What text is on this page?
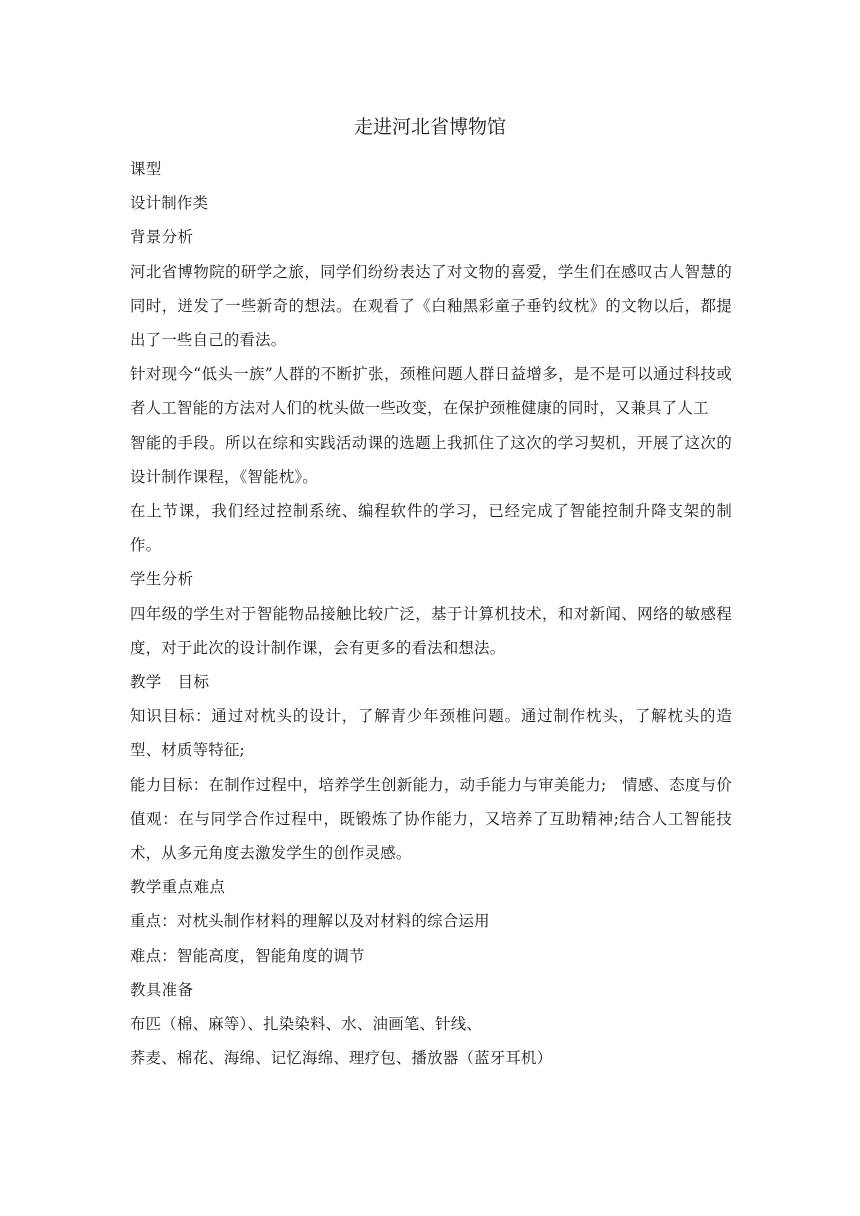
走进河北省博物馆

课型

设计制作类

背景分析

河北省博物院的研学之旅，同学们纷纷表达了对文物的喜爱，学生们在感叹古人智慧的同时，迸发了一些新奇的想法。在观看了《白釉黑彩童子垂钓纹枕》的文物以后，都提出了一些自己的看法。

针对现今“低头一族”人群的不断扩张，颈椎问题人群日益增多，是不是可以通过科技或者人工智能的方法对人们的枕头做一些改变，在保护颈椎健康的同时，又兼具了人工

智能的手段。所以在综和实践活动课的选题上我抓住了这次的学习契机，开展了这次的设计制作课程，《智能枕》。

在上节课，我们经过控制系统、编程软件的学习，已经完成了智能控制升降支架的制作。

学生分析

四年级的学生对于智能物品接触比较广泛，基于计算机技术，和对新闻、网络的敏感程度，对于此次的设计制作课，会有更多的看法和想法。

教学　目标

知识目标：通过对枕头的设计，了解青少年颈椎问题。通过制作枕头，了解枕头的造型、材质等特征;

能力目标：在制作过程中，培养学生创新能力，动手能力与审美能力;　情感、态度与价值观：在与同学合作过程中，既锻炼了协作能力，又培养了互助精神;结合人工智能技术，从多元角度去激发学生的创作灵感。

教学重点难点

重点：对枕头制作材料的理解以及对材料的综合运用

难点：智能高度，智能角度的调节

教具准备

布匹（棉、麻等）、扎染染料、水、油画笔、针线、

荞麦、棉花、海绵、记忆海绵、理疗包、播放器（蓝牙耳机）
